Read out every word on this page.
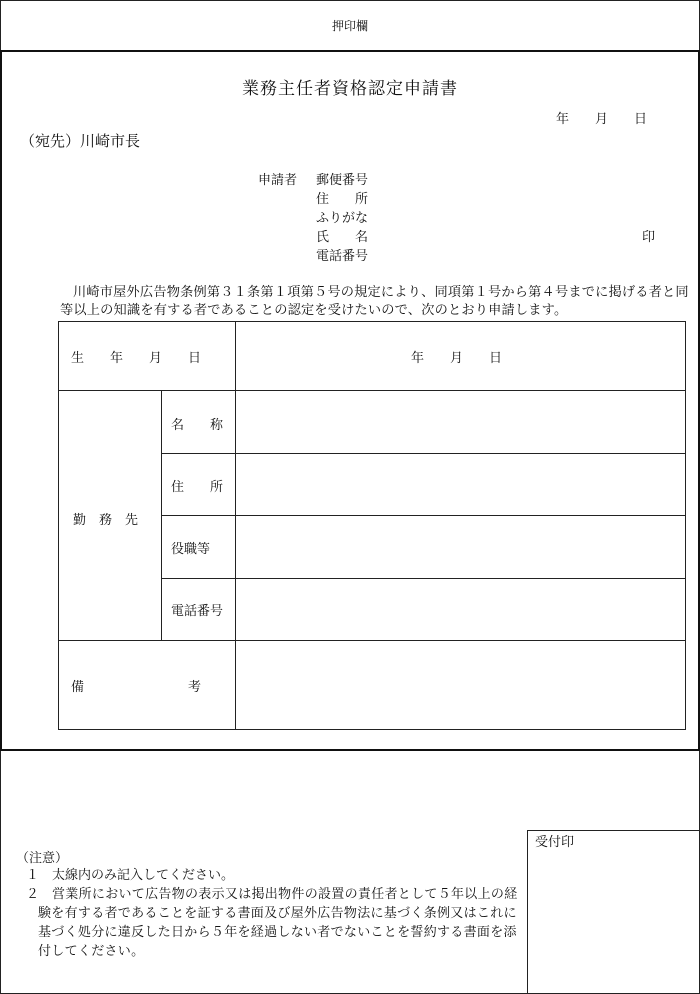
押印欄
業務主任者資格認定申請書
年　　月　　日
（宛先）川崎市長
申請者 郵便番号
住　　所
ふりがな
氏　　名	印
電話番号
川崎市屋外広告物条例第３１条第１項第５号の規定により、同項第１号から第４号までに掲げる者と同等以上の知識を有する者であることの認定を受けたいので、次のとおり申請します。
生　　年　　月　　日	年　　月　　日
勤　務　先
名　　称
住　　所
役職等
電話番号
備　　　　　　　　考
受付印
（注意）
１ 太線内のみ記入してください。
２ 営業所において広告物の表示又は掲出物件の設置の責任者として５年以上の経験を有する者であることを証する書面及び屋外広告物法に基づく条例又はこれに基づく処分に違反した日から５年を経過しない者でないことを誓約する書面を添付してください。
